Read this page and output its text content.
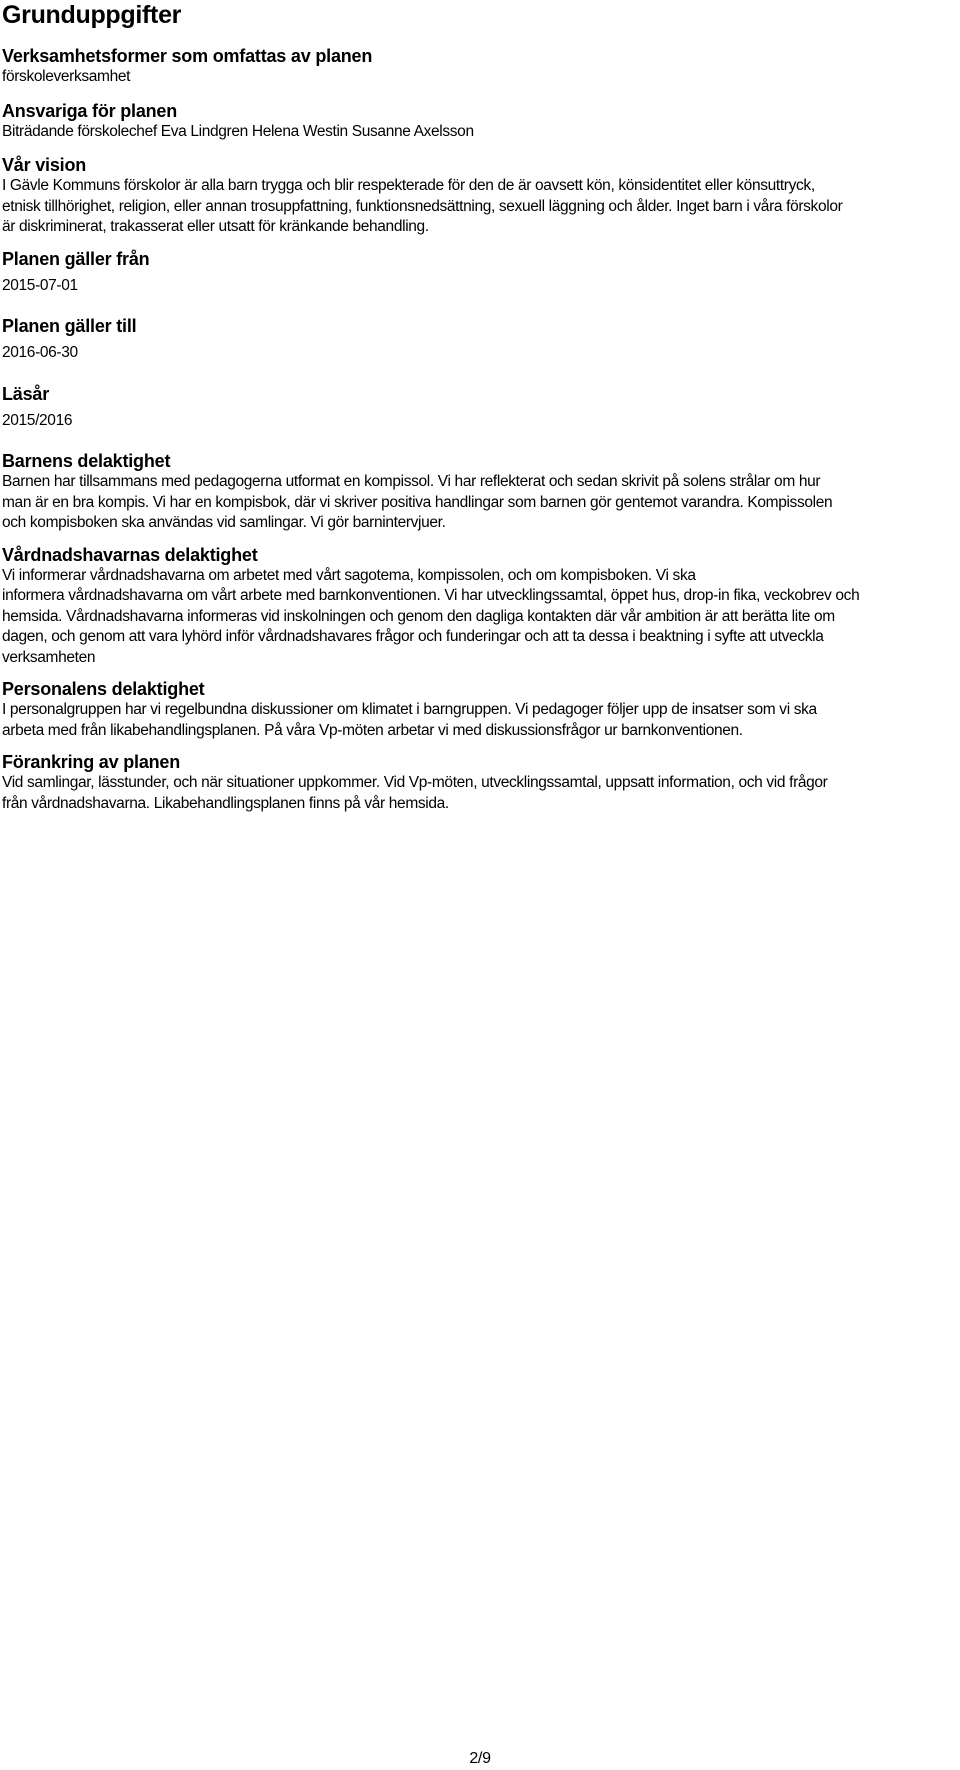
Grunduppgifter
Verksamhetsformer som omfattas av planen
förskoleverksamhet
Ansvariga för planen
Biträdande förskolechef Eva Lindgren Helena Westin Susanne Axelsson
Vår vision
I Gävle Kommuns förskolor är alla barn trygga och blir respekterade för den de är oavsett kön, könsidentitet eller könsuttryck,
etnisk tillhörighet, religion, eller annan trosuppfattning, funktionsnedsättning, sexuell läggning och ålder. Inget barn i våra förskolor
är diskriminerat, trakasserat eller utsatt för kränkande behandling.
Planen gäller från
2015-07-01
Planen gäller till
2016-06-30
Läsår
2015/2016
Barnens delaktighet
Barnen har tillsammans med pedagogerna utformat en kompissol. Vi har reflekterat och sedan skrivit på solens strålar om hur
man är en bra kompis. Vi har en kompisbok, där vi skriver positiva handlingar som barnen gör gentemot varandra. Kompissolen
och kompisboken ska användas vid samlingar. Vi gör barnintervjuer.
Vårdnadshavarnas delaktighet
Vi informerar vårdnadshavarna om arbetet med vårt sagotema, kompissolen, och om kompisboken. Vi ska
informera vårdnadshavarna om vårt arbete med barnkonventionen. Vi har utvecklingssamtal, öppet hus, drop-in fika, veckobrev och
hemsida. Vårdnadshavarna informeras vid inskolningen och genom den dagliga kontakten där vår ambition är att berätta lite om
dagen, och genom att vara lyhörd inför vårdnadshavares frågor och funderingar och att ta dessa i beaktning i syfte att utveckla
verksamheten
Personalens delaktighet
I personalgruppen har vi regelbundna diskussioner om klimatet i barngruppen. Vi pedagoger följer upp de insatser som vi ska
arbeta med från likabehandlingsplanen. På våra Vp-möten arbetar vi med diskussionsfrågor ur barnkonventionen.
Förankring av planen
Vid samlingar, lässtunder, och när situationer uppkommer. Vid Vp-möten, utvecklingssamtal, uppsatt information, och vid frågor
från vårdnadshavarna. Likabehandlingsplanen finns på vår hemsida.
2/9
